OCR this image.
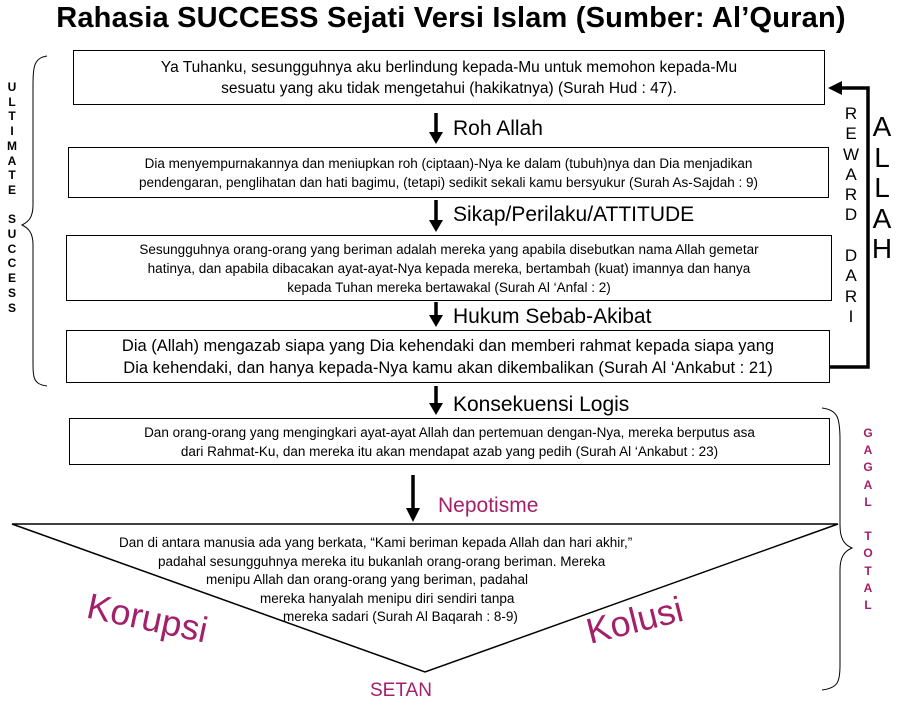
Rahasia SUCCESS Sejati Versi Islam (Sumber: Al’Quran)
Ya Tuhanku, sesungguhnya aku berlindung kepada-Mu untuk memohon kepada-Mu
sesuatu yang aku tidak mengetahui (hakikatnya) (Surah Hud : 47).
Dia menyempurnakannya dan meniupkan roh (ciptaan)-Nya ke dalam (tubuh)nya dan Dia menjadikan
pendengaran, penglihatan dan hati bagimu, (tetapi) sedikit sekali kamu bersyukur (Surah As-Sajdah : 9)
Sesungguhnya orang-orang yang beriman adalah mereka yang apabila disebutkan nama Allah gemetar
hatinya, dan apabila dibacakan ayat-ayat-Nya kepada mereka, bertambah (kuat) imannya dan hanya
kepada Tuhan mereka bertawakal (Surah Al ‘Anfal : 2)
Dia (Allah) mengazab siapa yang Dia kehendaki dan memberi rahmat kepada siapa yang
Dia kehendaki, dan hanya kepada-Nya kamu akan dikembalikan (Surah Al ‘Ankabut : 21)
Dan orang-orang yang mengingkari ayat-ayat Allah dan pertemuan dengan-Nya, mereka berputus asa
dari Rahmat-Ku, dan mereka itu akan mendapat azab yang pedih (Surah Al ‘Ankabut : 23)
Roh Allah
Sikap/Perilaku/ATTITUDE
Hukum Sebab-Akibat
Konsekuensi Logis
Nepotisme
Dan di antara manusia ada yang berkata, “Kami beriman kepada Allah dan hari akhir,”
padahal sesungguhnya mereka itu bukanlah orang-orang beriman. Mereka
menipu Allah dan orang-orang yang beriman, padahal
mereka hanyalah menipu diri sendiri tanpa
mereka sadari (Surah Al Baqarah : 8-9)
Korupsi	Kolusi
SETAN
U
L
T
I
M
A
T
E

S
U
C
C
E
S
S
R
E
W
A
R
D

D
A
R
I
A
L
L
A
H
G
A
G
A
L

T
O
T
A
L
